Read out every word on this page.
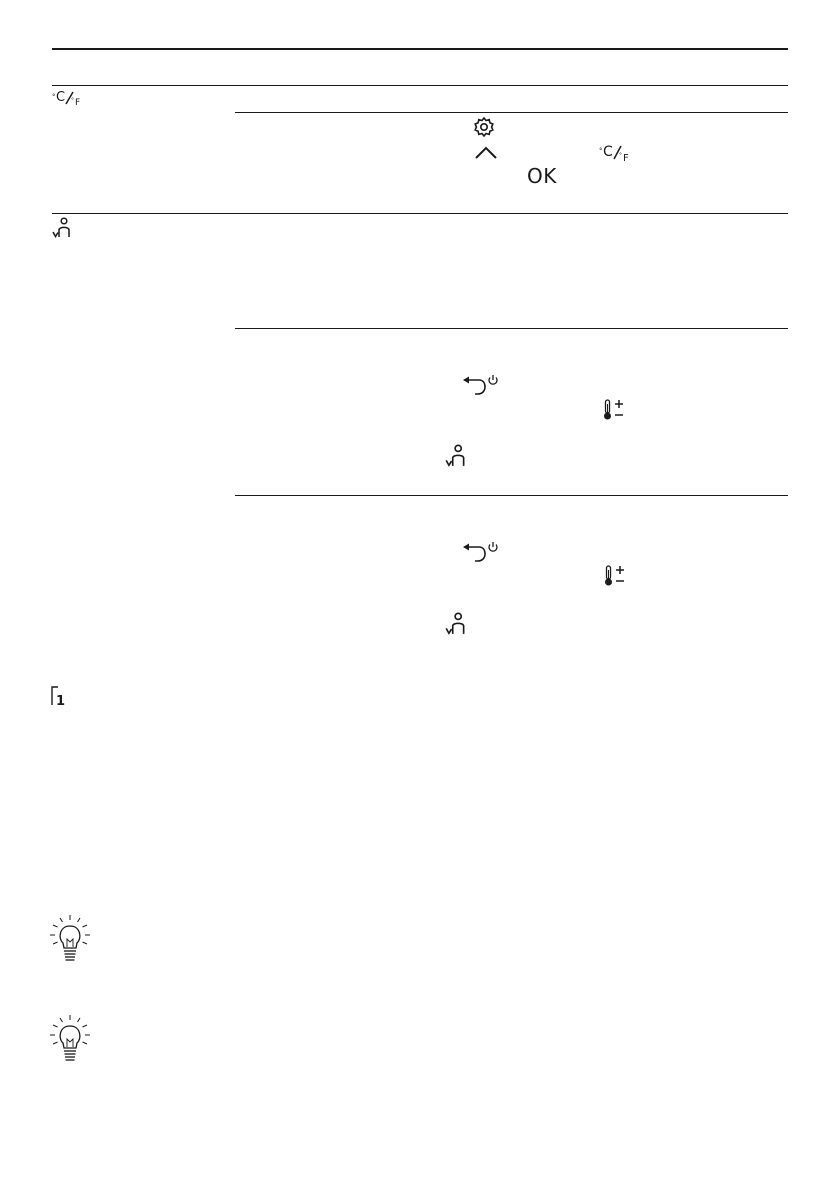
° C ° F
° C ° F
OK
1
